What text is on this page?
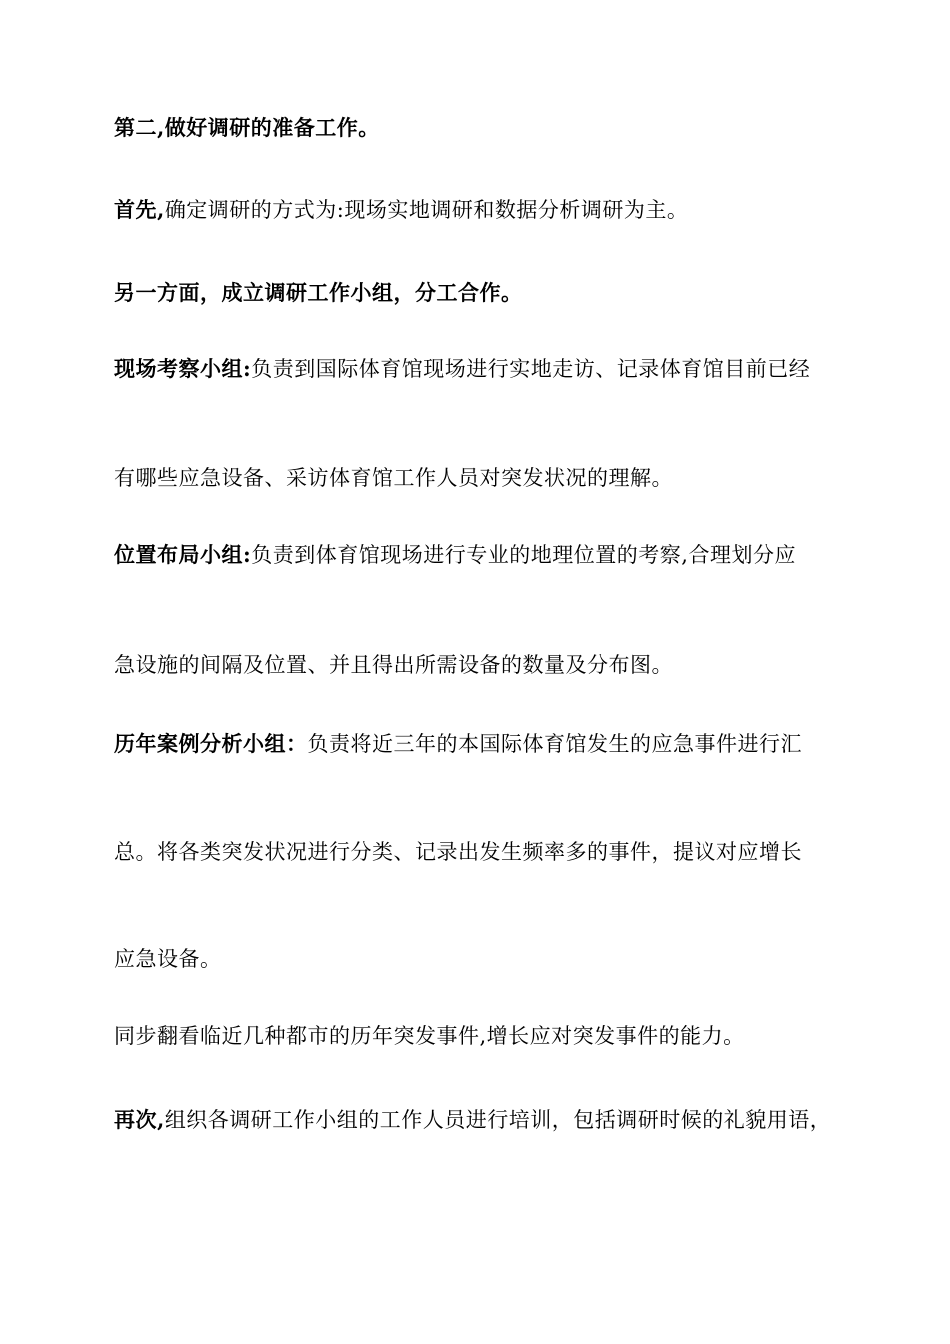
第二,做好调研的准备工作。
首先,确定调研的方式为:现场实地调研和数据分析调研为主。
另一方面，成立调研工作小组，分工合作。
现场考察小组:负责到国际体育馆现场进行实地走访、记录体育馆目前已经
有哪些应急设备、采访体育馆工作人员对突发状况的理解。
位置布局小组:负责到体育馆现场进行专业的地理位置的考察,合理划分应
急设施的间隔及位置、并且得出所需设备的数量及分布图。
历年案例分析小组：负责将近三年的本国际体育馆发生的应急事件进行汇
总。将各类突发状况进行分类、记录出发生频率多的事件，提议对应增长
应急设备。
同步翻看临近几种都市的历年突发事件,增长应对突发事件的能力。
再次,组织各调研工作小组的工作人员进行培训，包括调研时候的礼貌用语，
